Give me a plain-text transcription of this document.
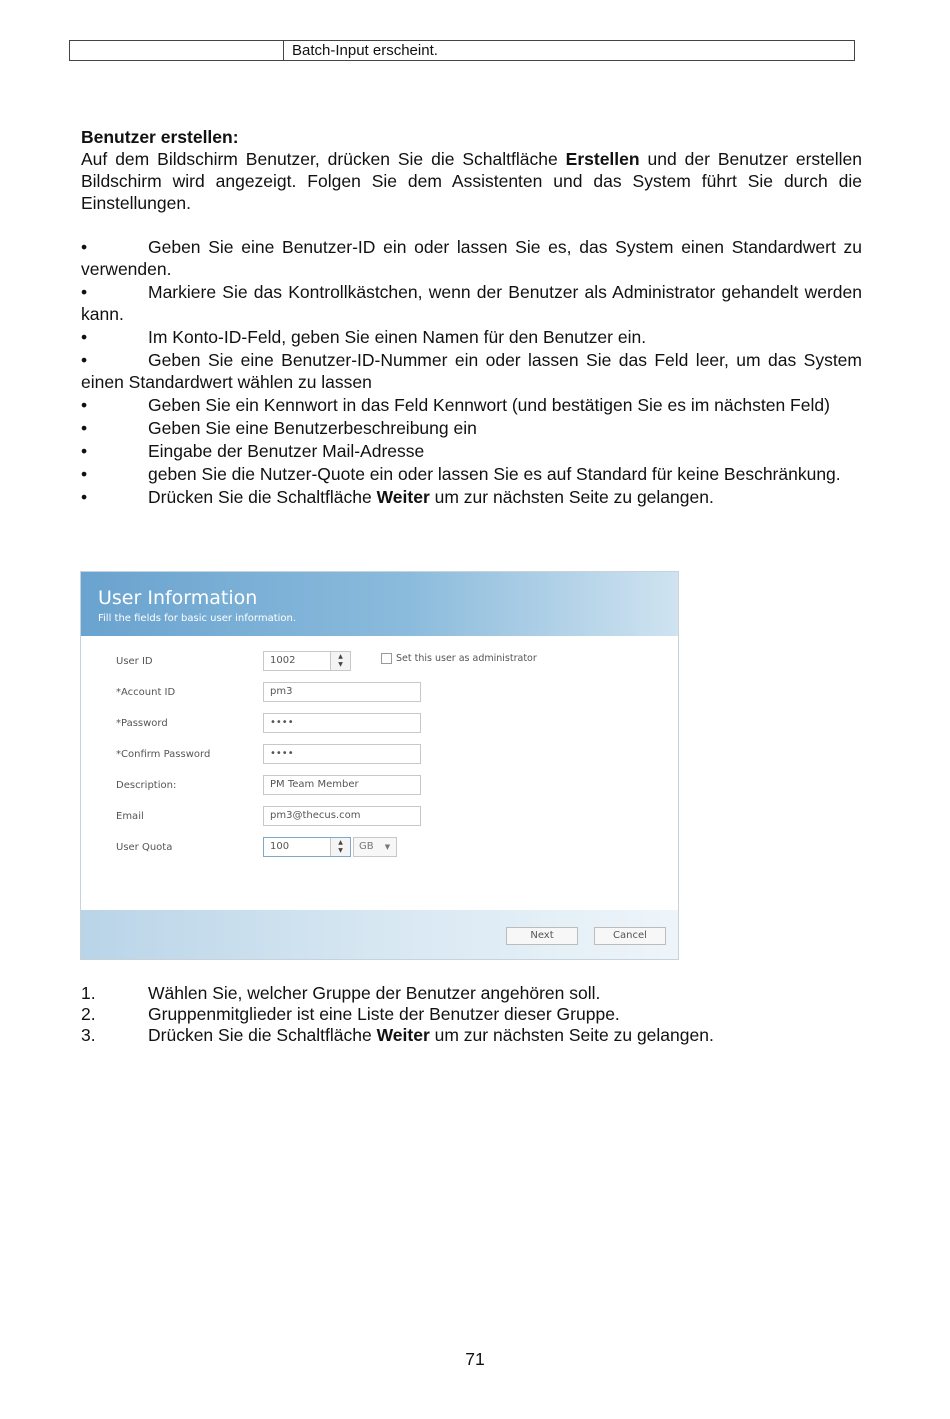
Batch-Input erscheint.
Benutzer erstellen:
Auf dem Bildschirm Benutzer, drücken Sie die Schaltfläche Erstellen und der Benutzer erstellen Bildschirm wird angezeigt. Folgen Sie dem Assistenten und das System führt Sie durch die Einstellungen.
•	Geben Sie eine Benutzer-ID ein oder lassen Sie es, das System einen Standardwert zu verwenden.
•	Markiere Sie das Kontrollkästchen, wenn der Benutzer als Administrator gehandelt werden kann.
•	Im Konto-ID-Feld, geben Sie einen Namen für den Benutzer ein.
•	Geben Sie eine Benutzer-ID-Nummer ein oder lassen Sie das Feld leer, um das System einen Standardwert wählen zu lassen
•	Geben Sie ein Kennwort in das Feld Kennwort (und bestätigen Sie es im nächsten Feld)
•	Geben Sie eine Benutzerbeschreibung ein
•	Eingabe der Benutzer Mail-Adresse
•	geben Sie die Nutzer-Quote ein oder lassen Sie es auf Standard für keine Beschränkung.
•	Drücken Sie die Schaltfläche Weiter um zur nächsten Seite zu gelangen.
User Information
Fill the fields for basic user information.
User ID	1002	▲
▼
Set this user as administrator
*Account ID	pm3
*Password	••••
*Confirm Password	••••
Description:	PM Team Member
Email	pm3@thecus.com
User Quota	100	▲
▼	GB ▼
Next	Cancel
1.	Wählen Sie, welcher Gruppe der Benutzer angehören soll.
2.	Gruppenmitglieder ist eine Liste der Benutzer dieser Gruppe.
3.	Drücken Sie die Schaltfläche Weiter um zur nächsten Seite zu gelangen.
71
